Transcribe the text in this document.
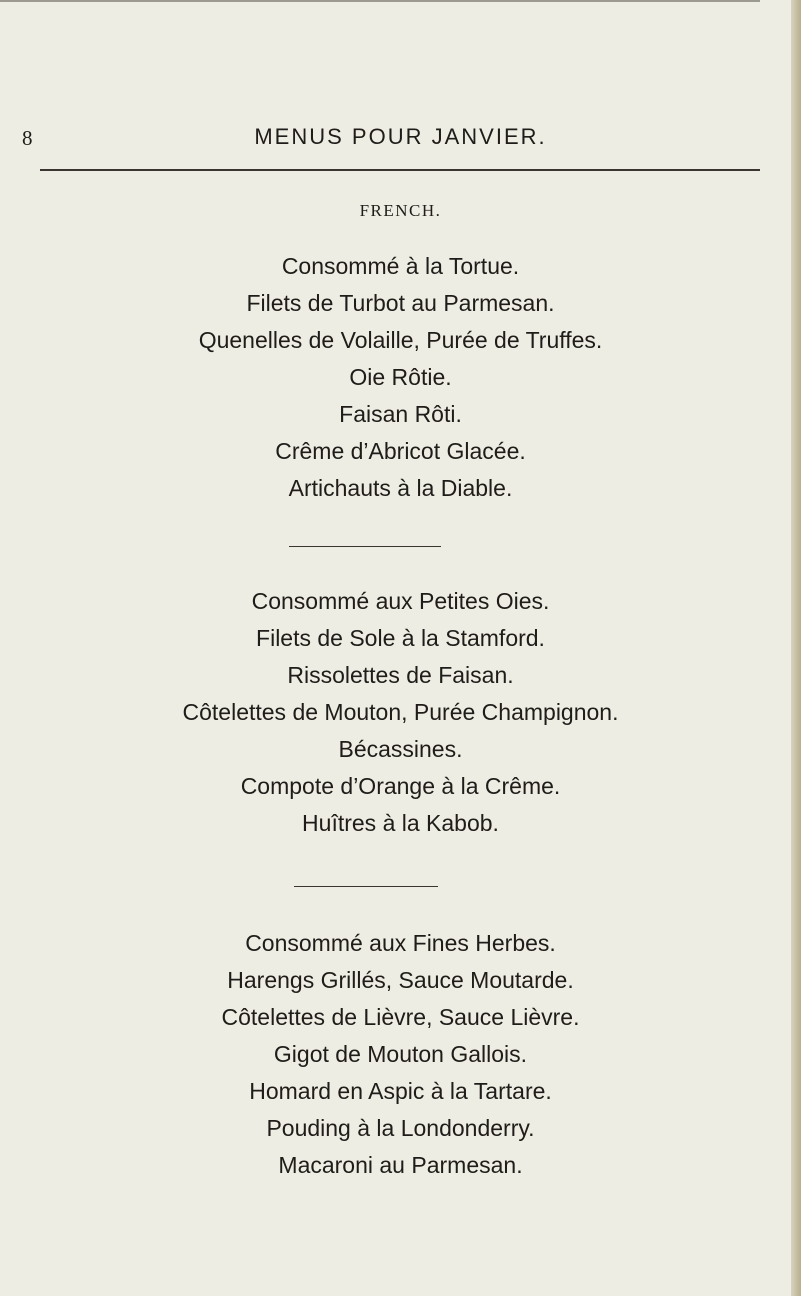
8	MENUS POUR JANVIER.
FRENCH.
Consommé à la Tortue.
Filets de Turbot au Parmesan.
Quenelles de Volaille, Purée de Truffes.
Oie Rôtie.
Faisan Rôti.
Crême d’Abricot Glacée.
Artichauts à la Diable.
Consommé aux Petites Oies.
Filets de Sole à la Stamford.
Rissolettes de Faisan.
Côtelettes de Mouton, Purée Champignon.
Bécassines.
Compote d’Orange à la Crême.
Huîtres à la Kabob.
Consommé aux Fines Herbes.
Harengs Grillés, Sauce Moutarde.
Côtelettes de Lièvre, Sauce Lièvre.
Gigot de Mouton Gallois.
Homard en Aspic à la Tartare.
Pouding à la Londonderry.
Macaroni au Parmesan.
